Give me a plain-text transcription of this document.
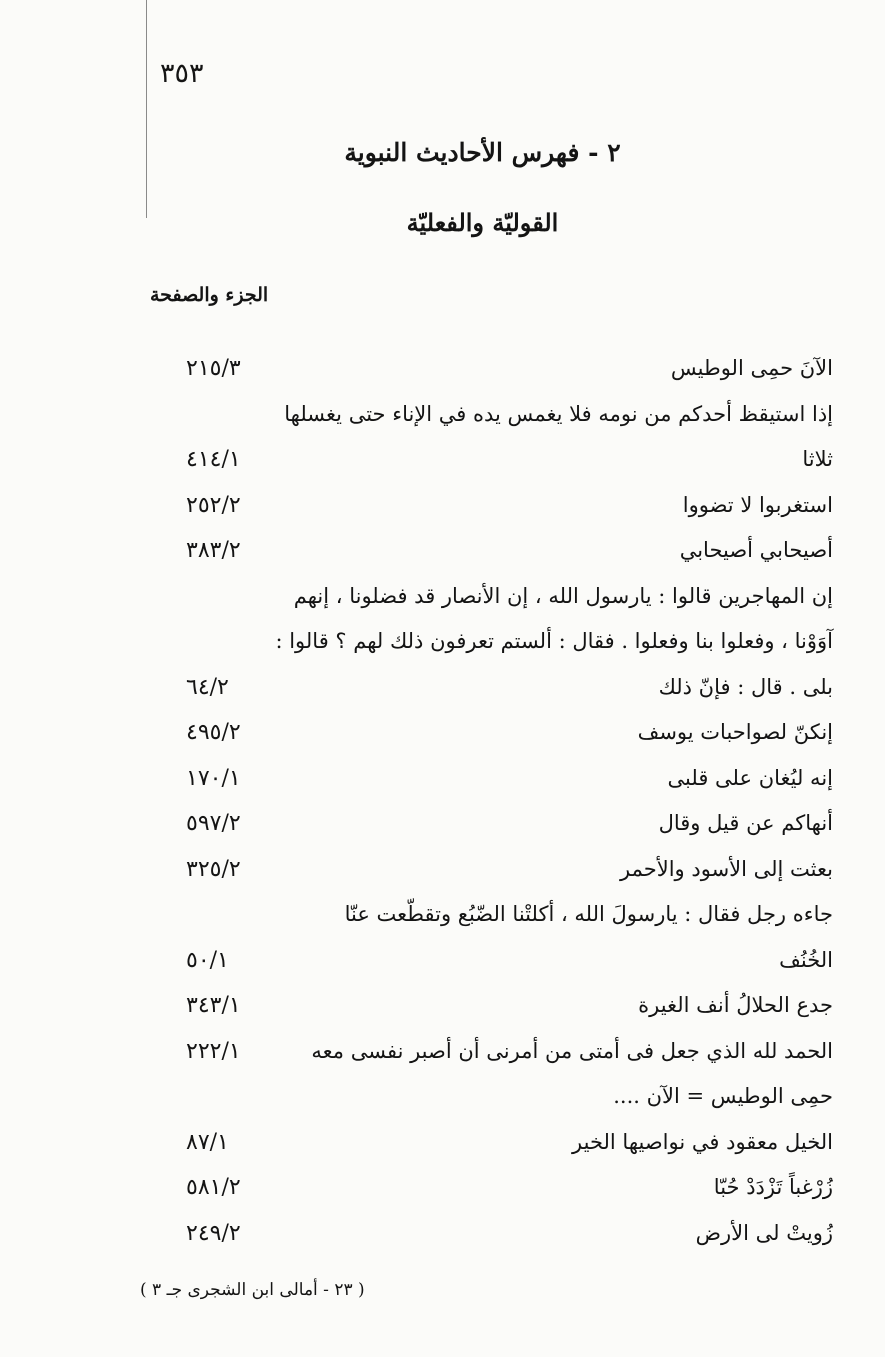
٣٥٣
٢ - فهرس الأحاديث النبوية
القوليّة والفعليّة
الجزء والصفحة
الآنَ حمِى الوطيس
٢١٥/٣
إذا استيقظ أحدكم من نومه فلا يغمس يده في الإناء حتى يغسلها
ثلاثا
٤١٤/١
استغربوا لا تضووا
٢٥٢/٢
أصيحابي أصيحابي
٣٨٣/٢
إن المهاجرين قالوا : يارسول الله ، إن الأنصار قد فضلونا ، إنهم
آوَوْنا ، وفعلوا بنا وفعلوا . فقال : ألستم تعرفون ذلك لهم ؟ قالوا :
بلى . قال : فإنّ ذلك
٦٤/٢
إنكنّ لصواحبات يوسف
٤٩٥/٢
إنه ليُغان على قلبى
١٧٠/١
أنهاكم عن قيل وقال
٥٩٧/٢
بعثت إلى الأسود والأحمر
٣٢٥/٢
جاءه رجل فقال : يارسولَ الله ، أكلتْنا الضّبُع وتقطّعت عنّا
الخُنُف
٥٠/١
جدع الحلالُ أنف الغيرة
٣٤٣/١
الحمد لله الذي جعل فى أمتى من أمرنى أن أصبر نفسى معه
٢٢٢/١
حمِى الوطيس = الآن ....
الخيل معقود في نواصيها الخير
٨٧/١
زُرْغباً تَزْدَدْ حُبّا
٥٨١/٢
زُويتْ لى الأرض
٢٤٩/٢
( ٢٣ - أمالى ابن الشجرى جـ ٣ )
